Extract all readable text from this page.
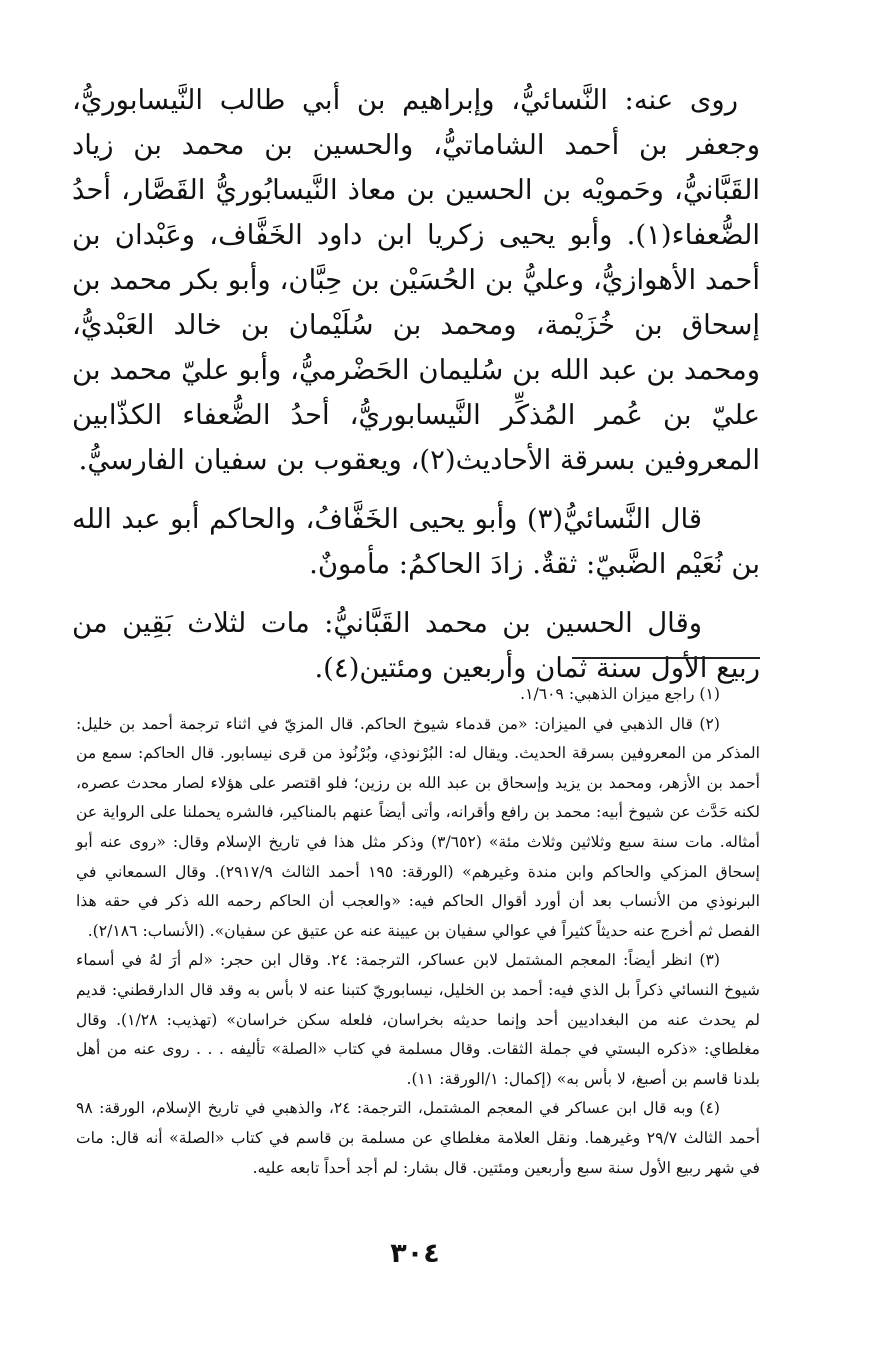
روى عنه: النَّسائيُّ، وإبراهيم بن أبي طالب النَّيسابوريُّ، وجعفر بن أحمد الشاماتيُّ، والحسين بن محمد بن زياد القَبَّانيُّ، وحَمويْه بن الحسين بن معاذ النَّيسابُوريُّ القَصَّار، أحدُ الضُّعفاء(١). وأبو يحيى زكريا ابن داود الخَفَّاف، وعَبْدان بن أحمد الأهوازيُّ، وعليُّ بن الحُسَيْن بن حِبَّان، وأبو بكر محمد بن إسحاق بن خُزَيْمة، ومحمد بن سُلَيْمان بن خالد العَبْديُّ، ومحمد بن عبد الله بن سُليمان الحَضْرميُّ، وأبو عليّ محمد بن عليّ بن عُمر المُذكِّر النَّيسابوريُّ، أحدُ الضُّعفاء الكذّابين المعروفين بسرقة الأحاديث(٢)، ويعقوب بن سفيان الفارسيُّ.

قال النَّسائيُّ(٣) وأبو يحيى الخَفَّافُ، والحاكم أبو عبد الله بن نُعَيْم الضَّبيّ: ثقةٌ. زادَ الحاكمُ: مأمونٌ.

وقال الحسين بن محمد القَبَّانيُّ: مات لثلاث بَقِين من ربيع الأول سنة ثمان وأربعين ومئتين(٤).

(١) راجع ميزان الذهبي: ١/٦٠٩.

(٢) قال الذهبي في الميزان: «من قدماء شيوخ الحاكم. قال المزيّ في اثناء ترجمة أحمد بن خليل: المذكر من المعروفين بسرقة الحديث. ويقال له: البُرْنوذي، وبُرْنُوذ من قرى نيسابور. قال الحاكم: سمع من أحمد بن الأزهر، ومحمد بن يزيد وإسحاق بن عبد الله بن رزين؛ فلو اقتصر على هؤلاء لصار محدث عصره، لكنه حَدَّث عن شيوخ أبيه: محمد بن رافع وأقرانه، وأتى أيضاً عنهم بالمناكير، فالشره يحملنا على الرواية عن أمثاله. مات سنة سبع وثلاثين وثلاث مئة» (٣/٦٥٢) وذكر مثل هذا في تاريخ الإسلام وقال: «روى عنه أبو إسحاق المزكي والحاكم وابن مندة وغيرهم» (الورقة: ١٩٥ أحمد الثالث ٢٩١٧/٩). وقال السمعاني في البرنوذي من الأنساب بعد أن أورد أقوال الحاكم فيه: «والعجب أن الحاكم رحمه الله ذكر في حقه هذا الفصل ثم أخرج عنه حديثاً كثيراً في عوالي سفيان بن عيينة عنه عن عتيق عن سفيان». (الأنساب: ٢/١٨٦).

(٣) انظر أيضاً: المعجم المشتمل لابن عساكر، الترجمة: ٢٤. وقال ابن حجر: «لم أرَ لهُ في أسماء شيوخ النسائي ذكراً بل الذي فيه: أحمد بن الخليل، نيسابوريّ كتبنا عنه لا بأس به وقد قال الدارقطني: قديم لم يحدث عنه من البغداديين أحد وإنما حديثه بخراسان، فلعله سكن خراسان» (تهذيب: ١/٢٨). وقال مغلطاي: «ذكره البستي في جملة الثقات. وقال مسلمة في كتاب «الصلة» تأليفه . . . روى عنه من أهل بلدنا قاسم بن أصبغ، لا بأس به» (إكمال: ١/الورقة: ١١).

(٤) وبه قال ابن عساكر في المعجم المشتمل، الترجمة: ٢٤، والذهبي في تاريخ الإسلام، الورقة: ٩٨ أحمد الثالث ٢٩/٧ وغيرهما. ونقل العلامة مغلطاي عن مسلمة بن قاسم في كتاب «الصلة» أنه قال: مات في شهر ربيع الأول سنة سبع وأربعين ومئتين. قال بشار: لم أجد أحداً تابعه عليه.

٣٠٤
